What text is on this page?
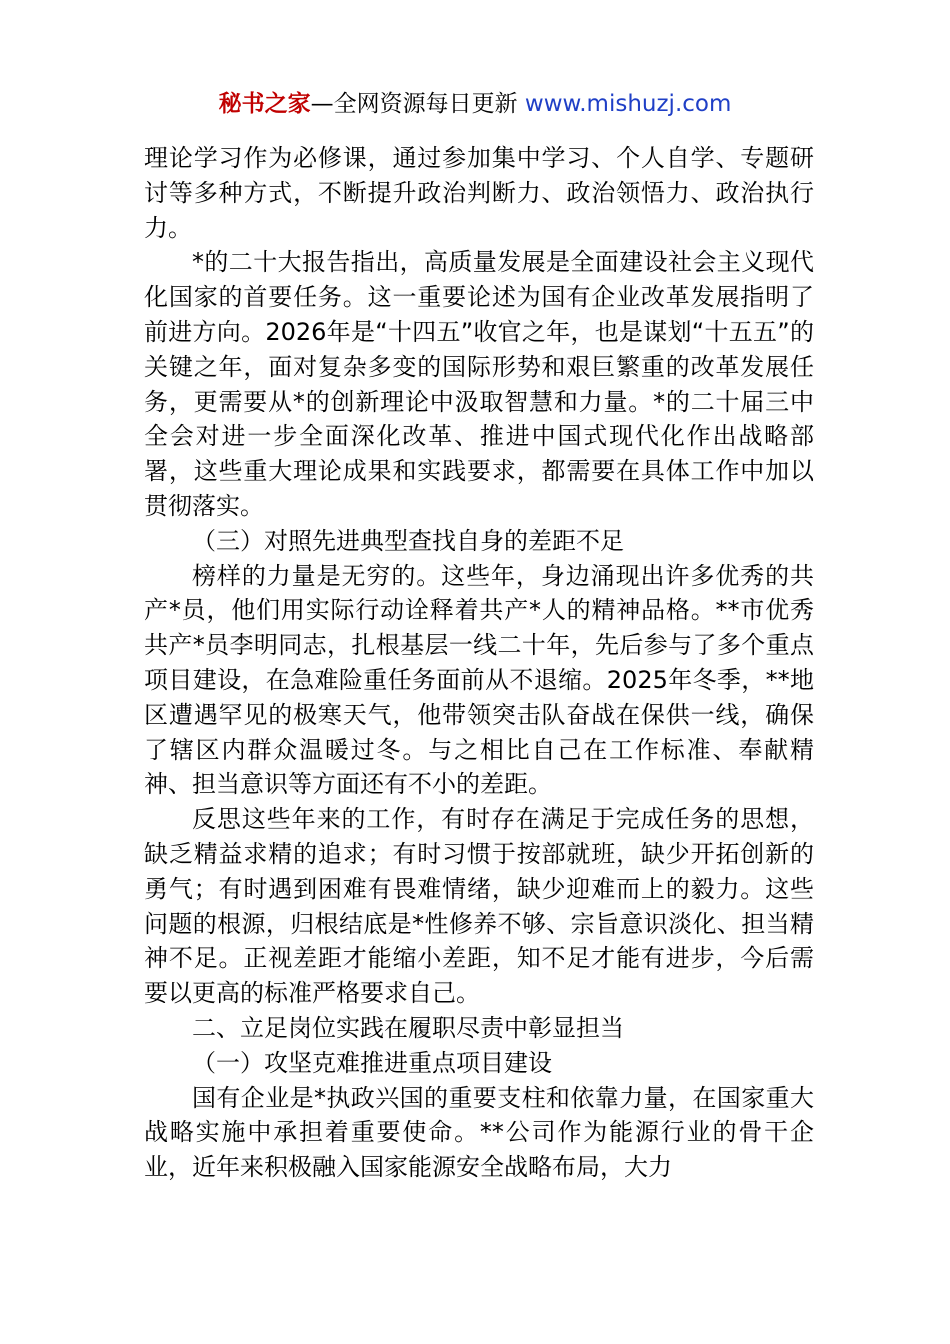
秘书之家—全网资源每日更新 www.mishuzj.com

理论学习作为必修课，通过参加集中学习、个人自学、专题研讨等多种方式，不断提升政治判断力、政治领悟力、政治执行力。

*的二十大报告指出，高质量发展是全面建设社会主义现代化国家的首要任务。这一重要论述为国有企业改革发展指明了前进方向。2026年是“十四五”收官之年，也是谋划“十五五”的关键之年，面对复杂多变的国际形势和艰巨繁重的改革发展任务，更需要从*的创新理论中汲取智慧和力量。*的二十届三中全会对进一步全面深化改革、推进中国式现代化作出战略部署，这些重大理论成果和实践要求，都需要在具体工作中加以贯彻落实。

（三）对照先进典型查找自身的差距不足

榜样的力量是无穷的。这些年，身边涌现出许多优秀的共产*员，他们用实际行动诠释着共产*人的精神品格。**市优秀共产*员李明同志，扎根基层一线二十年，先后参与了多个重点项目建设，在急难险重任务面前从不退缩。2025年冬季，**地区遭遇罕见的极寒天气，他带领突击队奋战在保供一线，确保了辖区内群众温暖过冬。与之相比自己在工作标准、奉献精神、担当意识等方面还有不小的差距。

反思这些年来的工作，有时存在满足于完成任务的思想，缺乏精益求精的追求；有时习惯于按部就班，缺少开拓创新的勇气；有时遇到困难有畏难情绪，缺少迎难而上的毅力。这些问题的根源，归根结底是*性修养不够、宗旨意识淡化、担当精神不足。正视差距才能缩小差距，知不足才能有进步，今后需要以更高的标准严格要求自己。

二、立足岗位实践在履职尽责中彰显担当

（一）攻坚克难推进重点项目建设

国有企业是*执政兴国的重要支柱和依靠力量，在国家重大战略实施中承担着重要使命。**公司作为能源行业的骨干企业，近年来积极融入国家能源安全战略布局，大力
